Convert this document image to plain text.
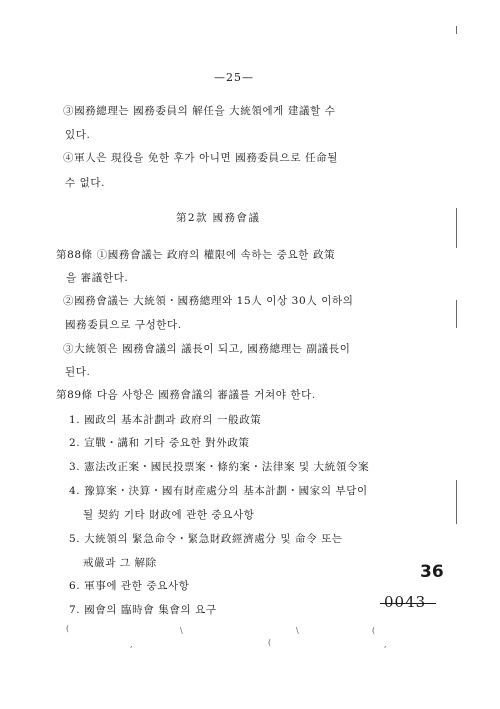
—25—
③國務總理는 國務委員의 解任을 大統領에게 建議할 수
있다.
④軍人은 現役을 免한 후가 아니면 國務委員으로 任命될
수 없다.
第2款 國務會議
第88條 ①國務會議는 政府의 權限에 속하는 중요한 政策
을 審議한다.
②國務會議는 大統領・國務總理와 15人 이상 30人 이하의
國務委員으로 구성한다.
③大統領은 國務會議의 議長이 되고, 國務總理는 副議長이
된다.
第89條 다음 사항은 國務會議의 審議를 거쳐야 한다.
1. 國政의 基本計劃과 政府의 一般政策
2. 宣戰・講和 기타 중요한 對外政策
3. 憲法改正案・國民投票案・條約案・法律案 및 大統領令案
4. 豫算案・決算・國有財産處分의 基本計劃・國家의 부담이
될 契約 기타 財政에 관한 중요사항
5. 大統領의 緊急命令・緊急財政經濟處分 및 命令 또는
戒嚴과 그 解除
6. 軍事에 관한 중요사항
7. 國會의 臨時會 集會의 요구
36
0043
(	\	\	(
,	(	,
